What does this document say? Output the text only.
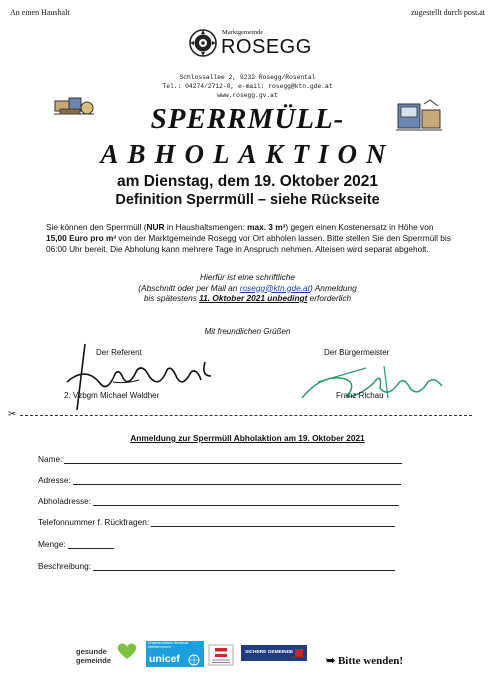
An einen Haushalt	zugestellt durch post.at
Marktgemeinde
ROSEGG
Schlossallee 2, 9232 Rosegg/Rosental
Tel.: 04274/2712-0, e-mail: rosegg@ktn.gde.at
www.rosegg.gv.at
SPERRMÜLL-
ABHOLAKTION
am Dienstag, dem 19. Oktober 2021
Definition Sperrmüll – siehe Rückseite
Sie können den Sperrmüll (NUR in Haushaltsmengen: max. 3 m³) gegen einen Kostenersatz in Höhe von 15,00 Euro pro m³ von der Marktgemeinde Rosegg vor Ort abholen lassen. Bitte stellen Sie den Sperrmüll bis 06:00 Uhr bereit. Die Abholung kann mehrere Tage in Anspruch nehmen. Alteisen wird separat abgeholt.
Hierfür ist eine schriftliche
(Abschnitt oder per Mail an rosegg@ktn.gde.at) Anmeldung
bis spätestens 11. Oktober 2021 unbedingt erforderlich
Mit freundlichen Grüßen
Der Referent
2. Vzbgm Michael Waldher
Der Bürgermeister
Franz Richau
✂
Anmeldung zur Sperrmüll Abholaktion am 19. Oktober 2021
Name:
Adresse:
Abholadresse:
Telefonnummer f. Rückfragen:
Menge:
Beschreibung:
gesunde
gemeinde
Kinderfreundliche Gemeinde zertifiziert durch
unicef
SICHERE GEMEINDE
➥ Bitte wenden!
